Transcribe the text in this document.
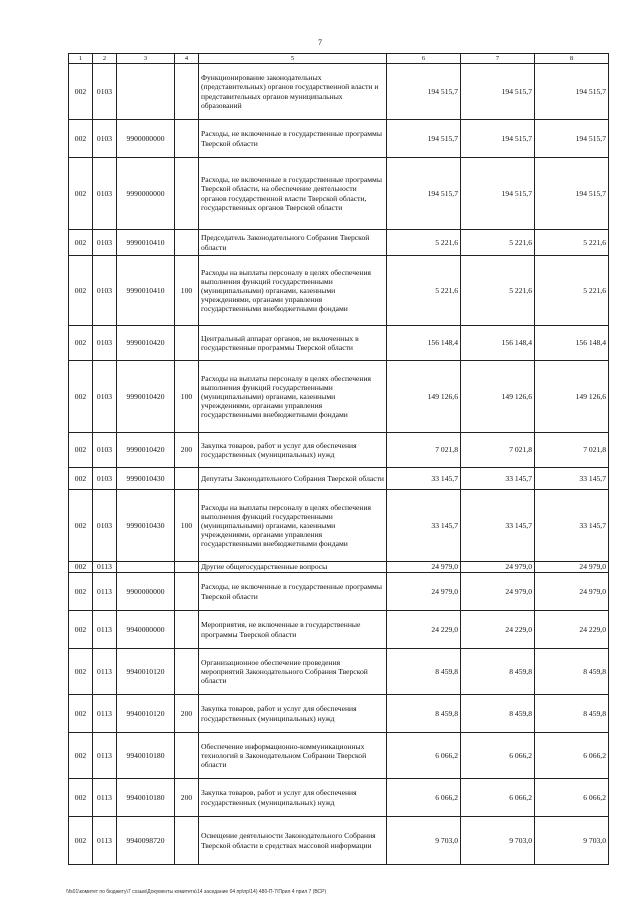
7
1	2	3	4	5	6	7	8
002	0103			Функционирование законодательных (представительных) органов государственной власти и представительных органов муниципальных образований	194 515,7	194 515,7	194 515,7
002	0103	9900000000		Расходы, не включенные в государственные программы Тверской области	194 515,7	194 515,7	194 515,7
002	0103	9990000000		Расходы, не включенные в государственные программы Тверской области, на обеспечение деятельности органов государственной власти Тверской области, государственных органов Тверской области	194 515,7	194 515,7	194 515,7
002	0103	9990010410		Председатель Законодательного Собрания Тверской области	5 221,6	5 221,6	5 221,6
002	0103	9990010410	100	Расходы на выплаты персоналу в целях обеспечения выполнения функций государственными (муниципальными) органами, казенными учреждениями, органами управления государственными внебюджетными фондами	5 221,6	5 221,6	5 221,6
002	0103	9990010420		Центральный аппарат органов, не включенных в государственные программы Тверской области	156 148,4	156 148,4	156 148,4
002	0103	9990010420	100	Расходы на выплаты персоналу в целях обеспечения выполнения функций государственными (муниципальными) органами, казенными учреждениями, органами управления государственными внебюджетными фондами	149 126,6	149 126,6	149 126,6
002	0103	9990010420	200	Закупка товаров, работ и услуг для обеспечения государственных (муниципальных) нужд	7 021,8	7 021,8	7 021,8
002	0103	9990010430		Депутаты Законодательного Собрания Тверской области	33 145,7	33 145,7	33 145,7
002	0103	9990010430	100	Расходы на выплаты персоналу в целях обеспечения выполнения функций государственными (муниципальными) органами, казенными учреждениями, органами управления государственными внебюджетными фондами	33 145,7	33 145,7	33 145,7
002	0113			Другие общегосударственные вопросы	24 979,0	24 979,0	24 979,0
002	0113	9900000000		Расходы, не включенные в государственные программы Тверской области	24 979,0	24 979,0	24 979,0
002	0113	9940000000		Мероприятия, не включенные в государственные программы Тверской области	24 229,0	24 229,0	24 229,0
002	0113	9940010120		Организационное обеспечение проведения мероприятий Законодательного Собрания Тверской области	8 459,8	8 459,8	8 459,8
002	0113	9940010120	200	Закупка товаров, работ и услуг для обеспечения государственных (муниципальных) нужд	8 459,8	8 459,8	8 459,8
002	0113	9940010180		Обеспечение информационно-коммуникационных технологий в Законодательном Собрании Тверской области	6 066,2	6 066,2	6 066,2
002	0113	9940010180	200	Закупка товаров, работ и услуг для обеспечения государственных (муниципальных) нужд	6 066,2	6 066,2	6 066,2
002	0113	9940098720		Освещение деятельности Законодательного Собрания Тверской области в средствах массовой информации	9 703,0	9 703,0	9 703,0
\\fs01\комитет по бюджету\7 созыв\Документы комитета\14 заседание 04 пр\пр\14) 480-П-7\Прил 4 прил 7 (ВСР)
